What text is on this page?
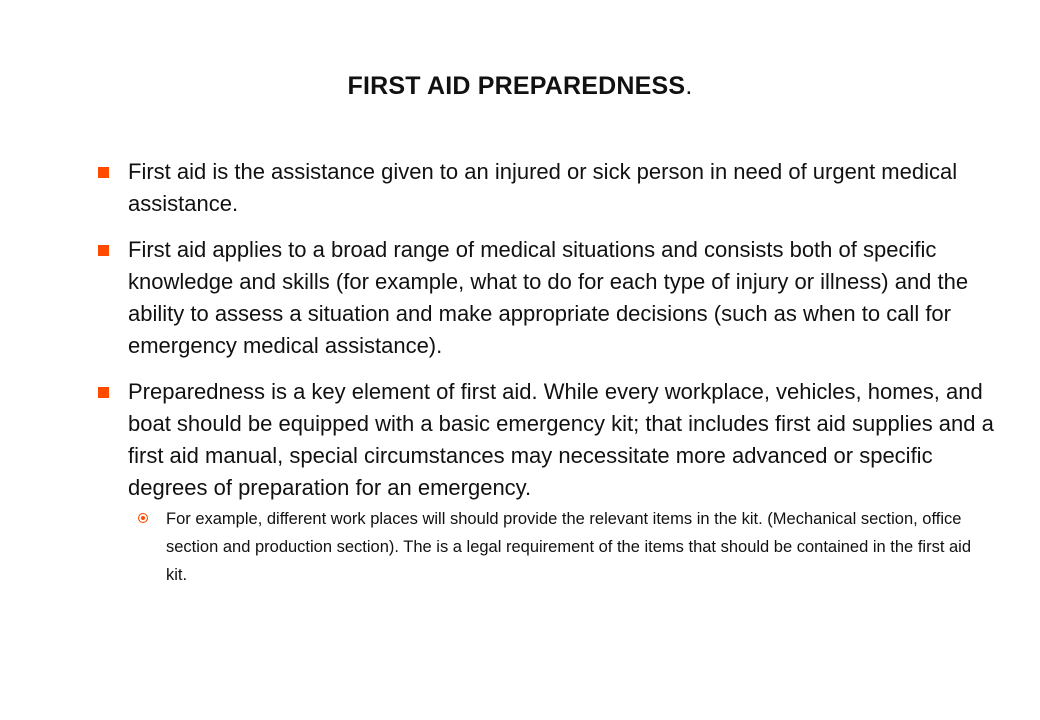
FIRST AID PREPAREDNESS.
First aid is the assistance given to an injured or sick person in need of urgent medical assistance.
First aid applies to a broad range of medical situations and consists both of specific knowledge and skills (for example, what to do for each type of injury or illness) and the ability to assess a situation and make appropriate decisions (such as when to call for emergency medical assistance).
Preparedness is a key element of first aid. While every workplace, vehicles, homes, and boat should be equipped with a basic emergency kit; that includes first aid supplies and a first aid manual, special circumstances may necessitate more advanced or specific degrees of preparation for an emergency.
For example, different work places will should provide the relevant items in the kit. (Mechanical section, office section and production section). The is a legal requirement of the items that should be contained in the first aid kit.
